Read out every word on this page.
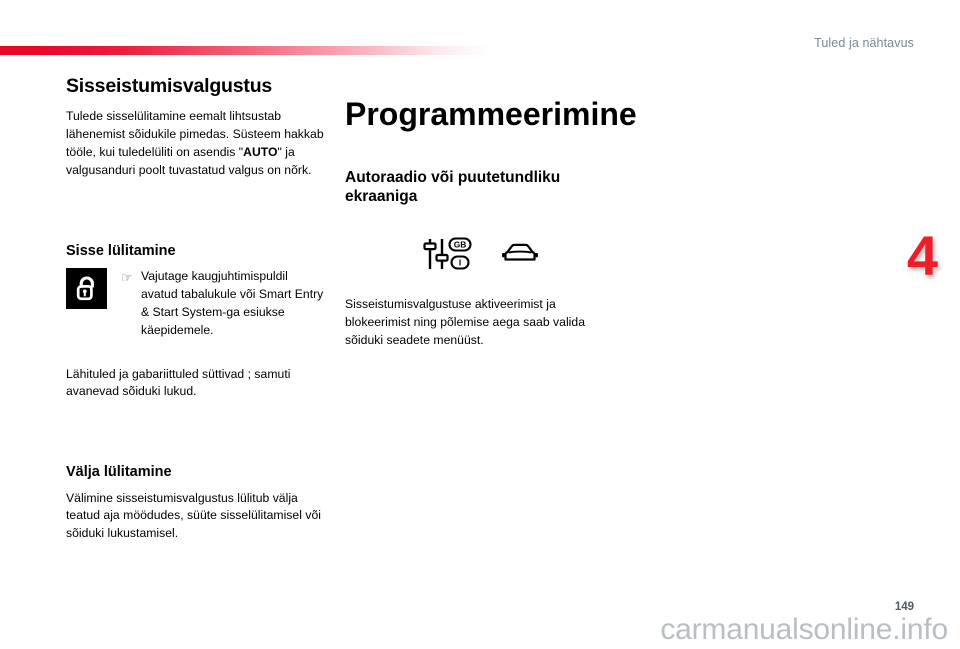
Tuled ja nähtavus
4
Sisseistumisvalgustus

Tulede sisselülitamine eemalt lihtsustab lähenemist sõidukile pimedas. Süsteem hakkab tööle, kui tuledelüliti on asendis "AUTO" ja valgusanduri poolt tuvastatud valgus on nõrk.

Sisse lülitamine
☞ Vajutage kaugjuhtimispuldil avatud tabalukule või Smart Entry & Start System-ga esiukse käepidemele.

Lähituled ja gabariittuled süttivad ; samuti avanevad sõiduki lukud.

Välja lülitamine

Välimine sisseistumisvalgustus lülitub välja teatud aja möödudes, süüte sisselülitamisel või sõiduki lukustamisel.

Programmeerimine
Autoraadio või puutetundliku ekraaniga
GB
I

Sisseistumisvalgustuse aktiveerimist ja blokeerimist ning põlemise aega saab valida sõiduki seadete menüüst.

149
carmanualsonline.info
